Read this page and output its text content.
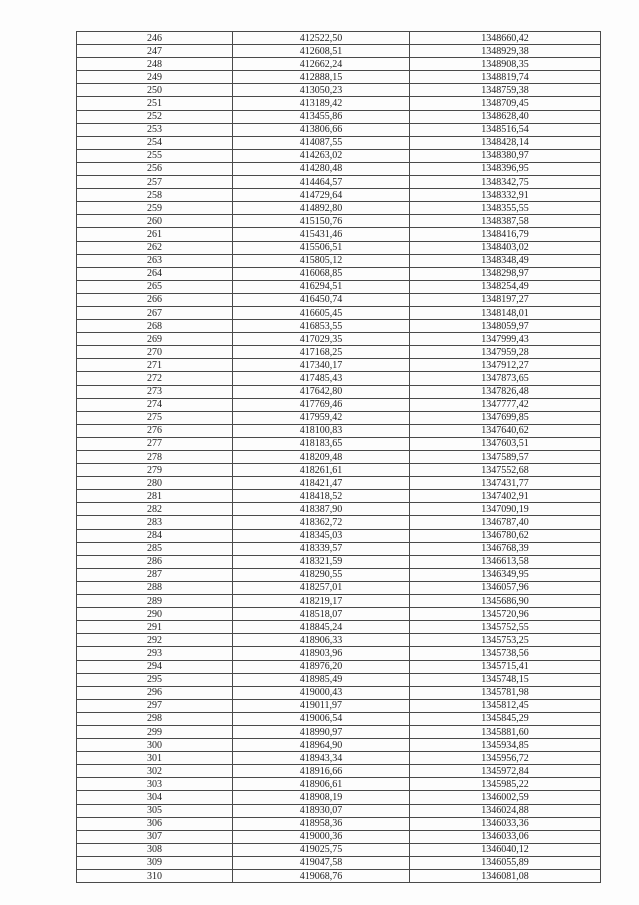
246	412522,50	1348660,42
247	412608,51	1348929,38
248	412662,24	1348908,35
249	412888,15	1348819,74
250	413050,23	1348759,38
251	413189,42	1348709,45
252	413455,86	1348628,40
253	413806,66	1348516,54
254	414087,55	1348428,14
255	414263,02	1348380,97
256	414280,48	1348396,95
257	414464,57	1348342,75
258	414729,64	1348332,91
259	414892,80	1348355,55
260	415150,76	1348387,58
261	415431,46	1348416,79
262	415506,51	1348403,02
263	415805,12	1348348,49
264	416068,85	1348298,97
265	416294,51	1348254,49
266	416450,74	1348197,27
267	416605,45	1348148,01
268	416853,55	1348059,97
269	417029,35	1347999,43
270	417168,25	1347959,28
271	417340,17	1347912,27
272	417485,43	1347873,65
273	417642,80	1347826,48
274	417769,46	1347777,42
275	417959,42	1347699,85
276	418100,83	1347640,62
277	418183,65	1347603,51
278	418209,48	1347589,57
279	418261,61	1347552,68
280	418421,47	1347431,77
281	418418,52	1347402,91
282	418387,90	1347090,19
283	418362,72	1346787,40
284	418345,03	1346780,62
285	418339,57	1346768,39
286	418321,59	1346613,58
287	418290,55	1346349,95
288	418257,01	1346057,96
289	418219,17	1345686,90
290	418518,07	1345720,96
291	418845,24	1345752,55
292	418906,33	1345753,25
293	418903,96	1345738,56
294	418976,20	1345715,41
295	418985,49	1345748,15
296	419000,43	1345781,98
297	419011,97	1345812,45
298	419006,54	1345845,29
299	418990,97	1345881,60
300	418964,90	1345934,85
301	418943,34	1345956,72
302	418916,66	1345972,84
303	418906,61	1345985,22
304	418908,19	1346002,59
305	418930,07	1346024,88
306	418958,36	1346033,36
307	419000,36	1346033,06
308	419025,75	1346040,12
309	419047,58	1346055,89
310	419068,76	1346081,08
